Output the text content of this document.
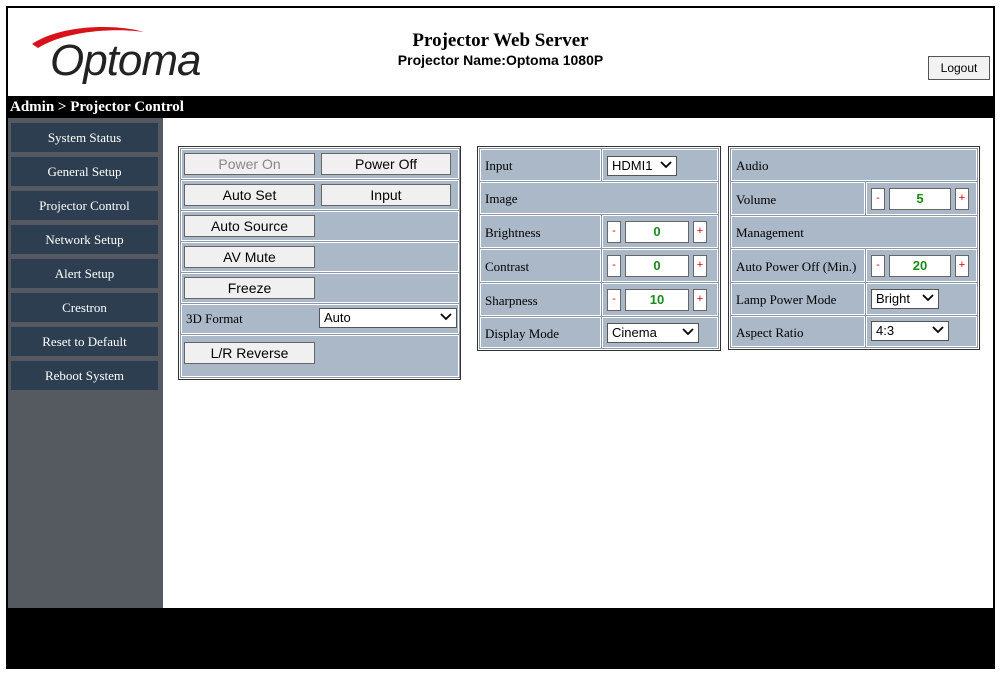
Optoma	Projector Web Server
Projector Name:Optoma 1080P	Logout
Admin > Projector Control
System Status
General Setup
Projector Control
Network Setup
Alert Setup
Crestron
Reset to Default
Reboot System
Power On	Power Off
Auto Set	Input
Auto Source
AV Mute
Freeze
3D Format	Auto
L/R Reverse
Input	HDMI1
Image
Brightness	-	0	+
Contrast	-	0	+
Sharpness	-	10	+
Display Mode	Cinema
Audio
Volume	-	5	+
Management
Auto Power Off (Min.)	-	20	+
Lamp Power Mode	Bright
Aspect Ratio	4:3
